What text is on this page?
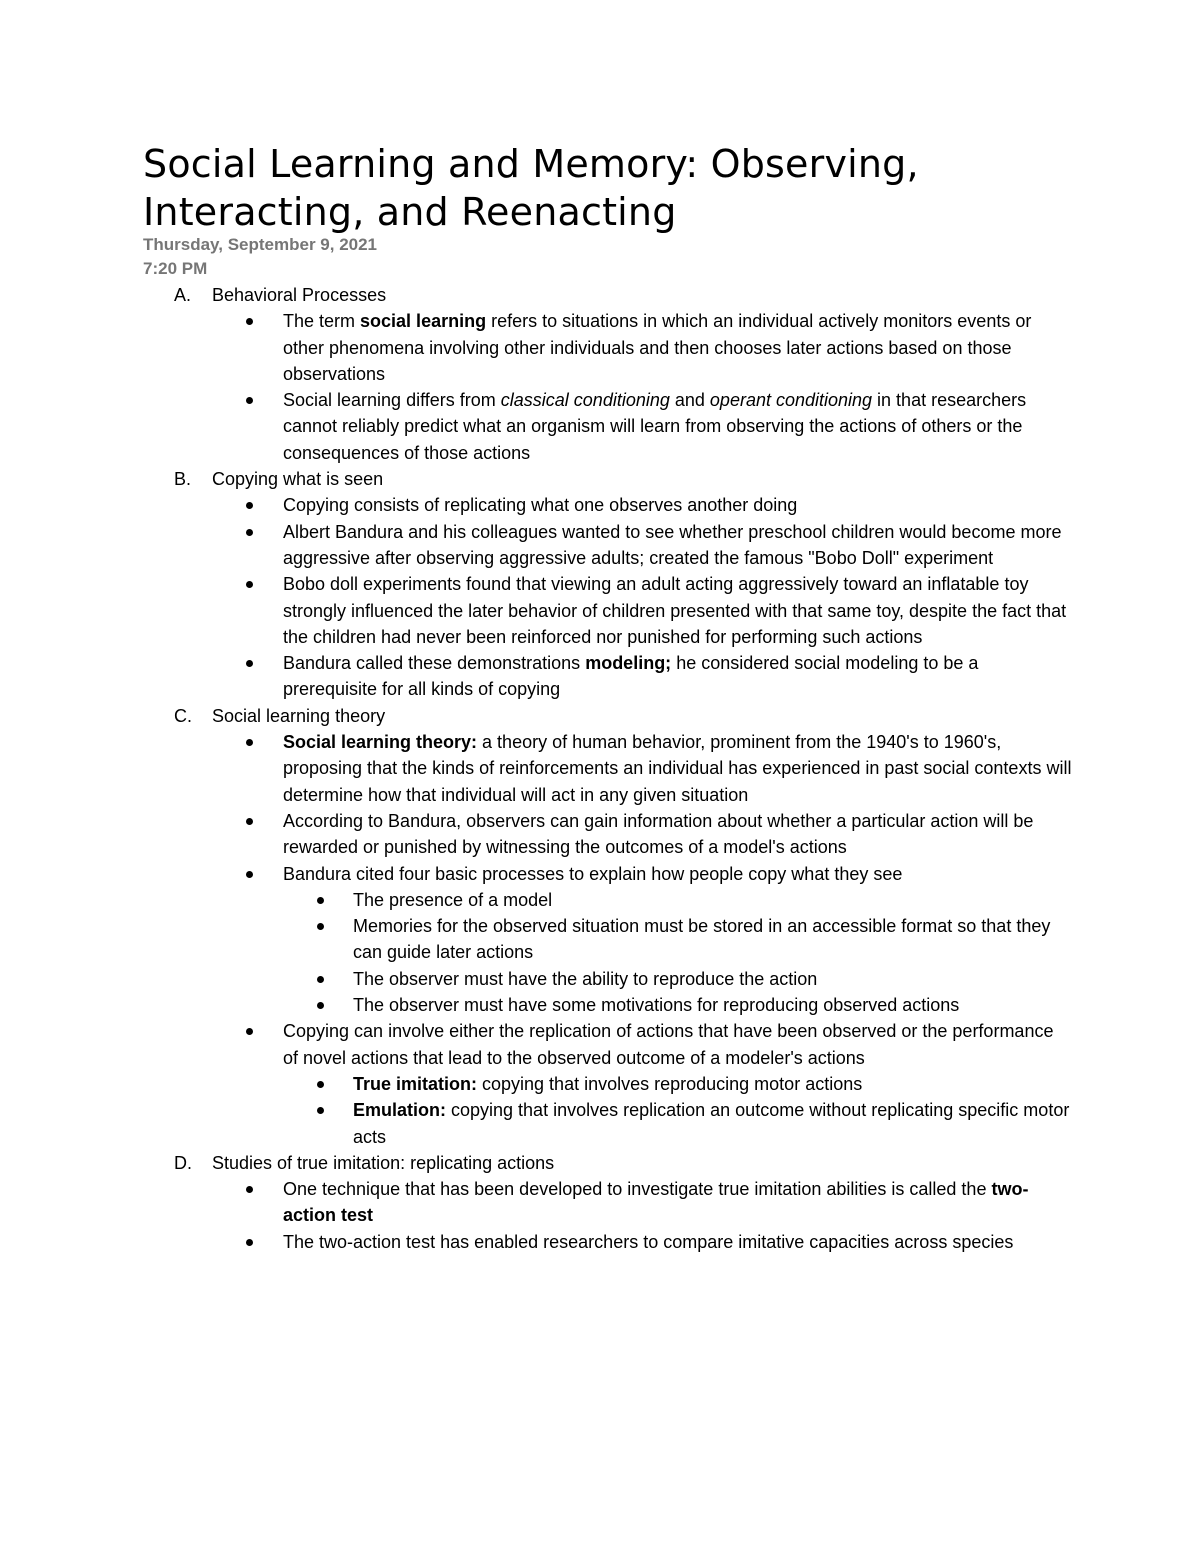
Social Learning and Memory: Observing, Interacting, and Reenacting
Thursday, September 9, 2021
7:20 PM
A. Behavioral Processes
The term social learning refers to situations in which an individual actively monitors events or other phenomena involving other individuals and then chooses later actions based on those observations
Social learning differs from classical conditioning and operant conditioning in that researchers cannot reliably predict what an organism will learn from observing the actions of others or the consequences of those actions
B. Copying what is seen
Copying consists of replicating what one observes another doing
Albert Bandura and his colleagues wanted to see whether preschool children would become more aggressive after observing aggressive adults; created the famous "Bobo Doll" experiment
Bobo doll experiments found that viewing an adult acting aggressively toward an inflatable toy strongly influenced the later behavior of children presented with that same toy, despite the fact that the children had never been reinforced nor punished for performing such actions
Bandura called these demonstrations modeling; he considered social modeling to be a prerequisite for all kinds of copying
C. Social learning theory
Social learning theory: a theory of human behavior, prominent from the 1940's to 1960's, proposing that the kinds of reinforcements an individual has experienced in past social contexts will determine how that individual will act in any given situation
According to Bandura, observers can gain information about whether a particular action will be rewarded or punished by witnessing the outcomes of a model's actions
Bandura cited four basic processes to explain how people copy what they see
The presence of a model
Memories for the observed situation must be stored in an accessible format so that they can guide later actions
The observer must have the ability to reproduce the action
The observer must have some motivations for reproducing observed actions
Copying can involve either the replication of actions that have been observed or the performance of novel actions that lead to the observed outcome of a modeler's actions
True imitation: copying that involves reproducing motor actions
Emulation: copying that involves replication an outcome without replicating specific motor acts
D. Studies of true imitation: replicating actions
One technique that has been developed to investigate true imitation abilities is called the two-action test
The two-action test has enabled researchers to compare imitative capacities across species
